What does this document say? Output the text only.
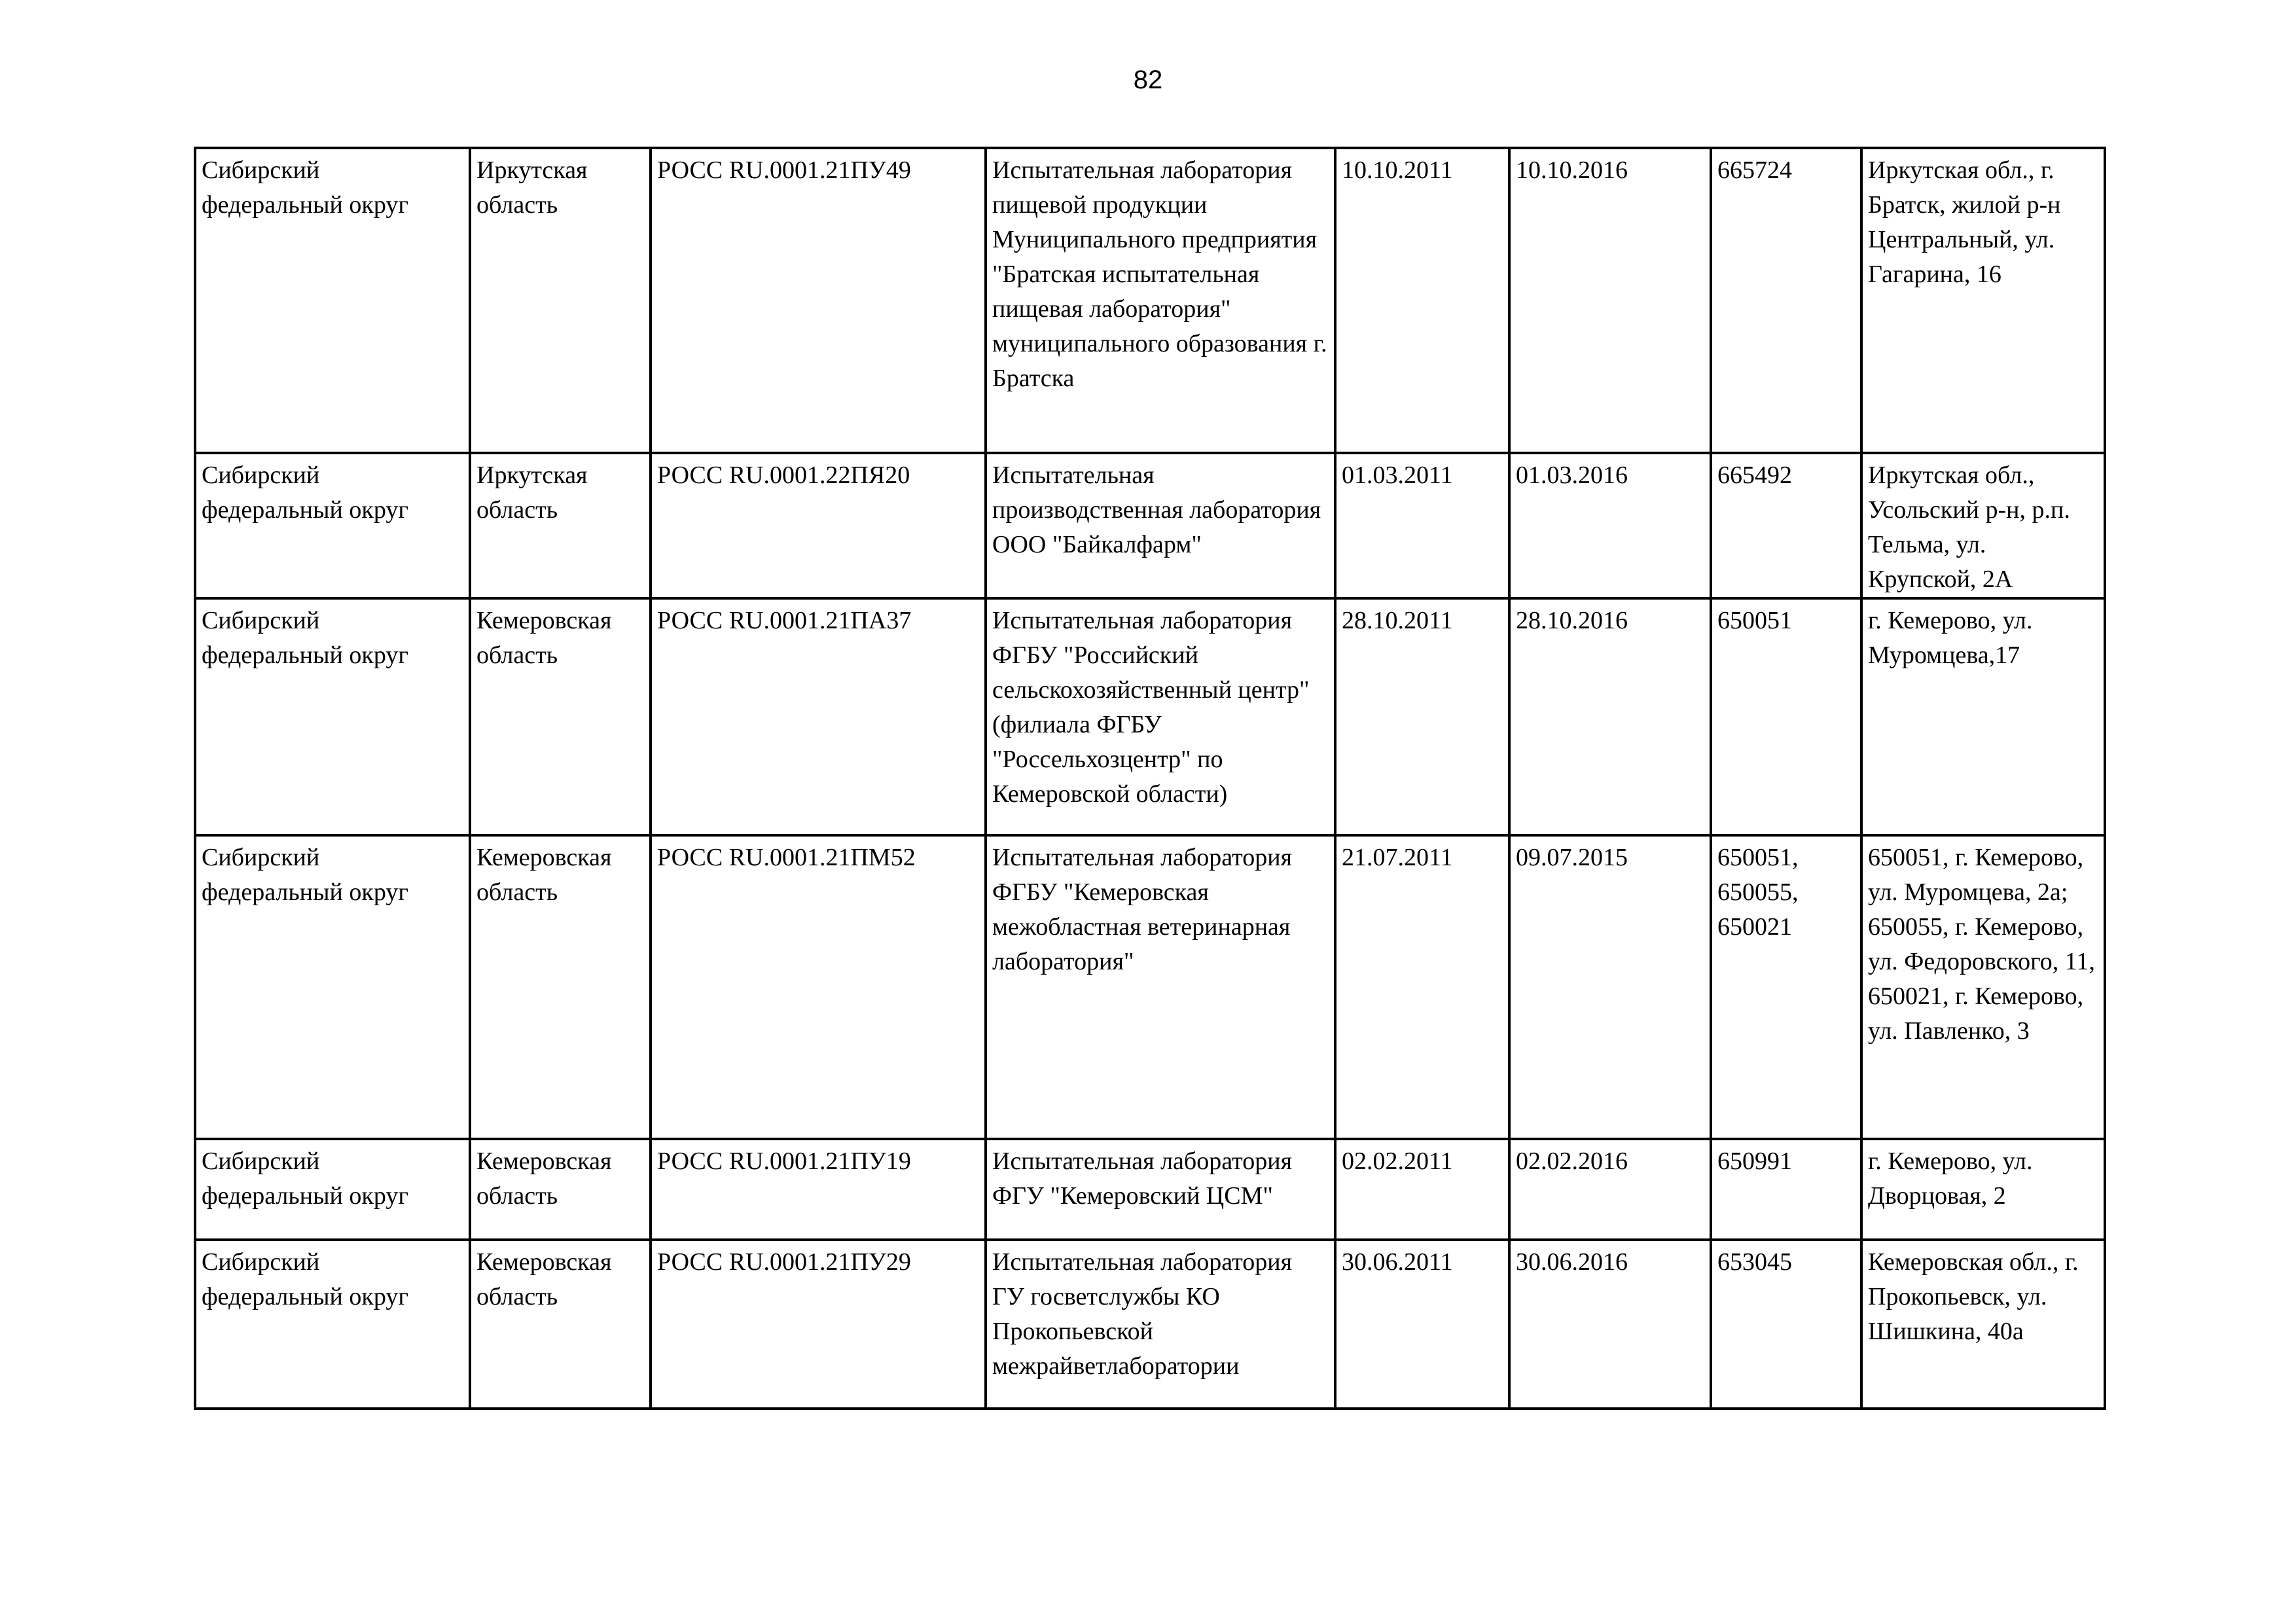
82
Сибирский федеральный округ	Иркутская область	РОСС RU.0001.21ПУ49	Испытательная лаборатория пищевой продукции Муниципального предприятия "Братская испытательная пищевая лаборатория" муниципального образования г. Братска	10.10.2011	10.10.2016	665724	Иркутская обл., г. Братск, жилой р-н Центральный, ул. Гагарина, 16

Сибирский федеральный округ	Иркутская область	РОСС RU.0001.22ПЯ20	Испытательная производственная лаборатория ООО "Байкалфарм"	01.03.2011	01.03.2016	665492	Иркутская обл., Усольский р-н, р.п. Тельма, ул. Крупской, 2А

Сибирский федеральный округ	Кемеровская область	РОСС RU.0001.21ПА37	Испытательная лаборатория ФГБУ "Российский сельскохозяйственный центр" (филиала ФГБУ "Россельхозцентр" по Кемеровской области)	28.10.2011	28.10.2016	650051	г. Кемерово, ул. Муромцева,17

Сибирский федеральный округ	Кемеровская область	РОСС RU.0001.21ПМ52	Испытательная лаборатория ФГБУ "Кемеровская межобластная ветеринарная лаборатория"	21.07.2011	09.07.2015	650051,
650055,
650021	650051, г. Кемерово, ул. Муромцева, 2а; 650055, г. Кемерово, ул. Федоровского, 11, 650021, г. Кемерово, ул. Павленко, 3

Сибирский федеральный округ	Кемеровская область	РОСС RU.0001.21ПУ19	Испытательная лаборатория ФГУ "Кемеровский ЦСМ"	02.02.2011	02.02.2016	650991	г. Кемерово, ул. Дворцовая, 2

Сибирский федеральный округ	Кемеровская область	РОСС RU.0001.21ПУ29	Испытательная лаборатория ГУ госветслужбы КО Прокопьевской межрайветлаборатории	30.06.2011	30.06.2016	653045	Кемеровская обл., г. Прокопьевск, ул. Шишкина, 40а
